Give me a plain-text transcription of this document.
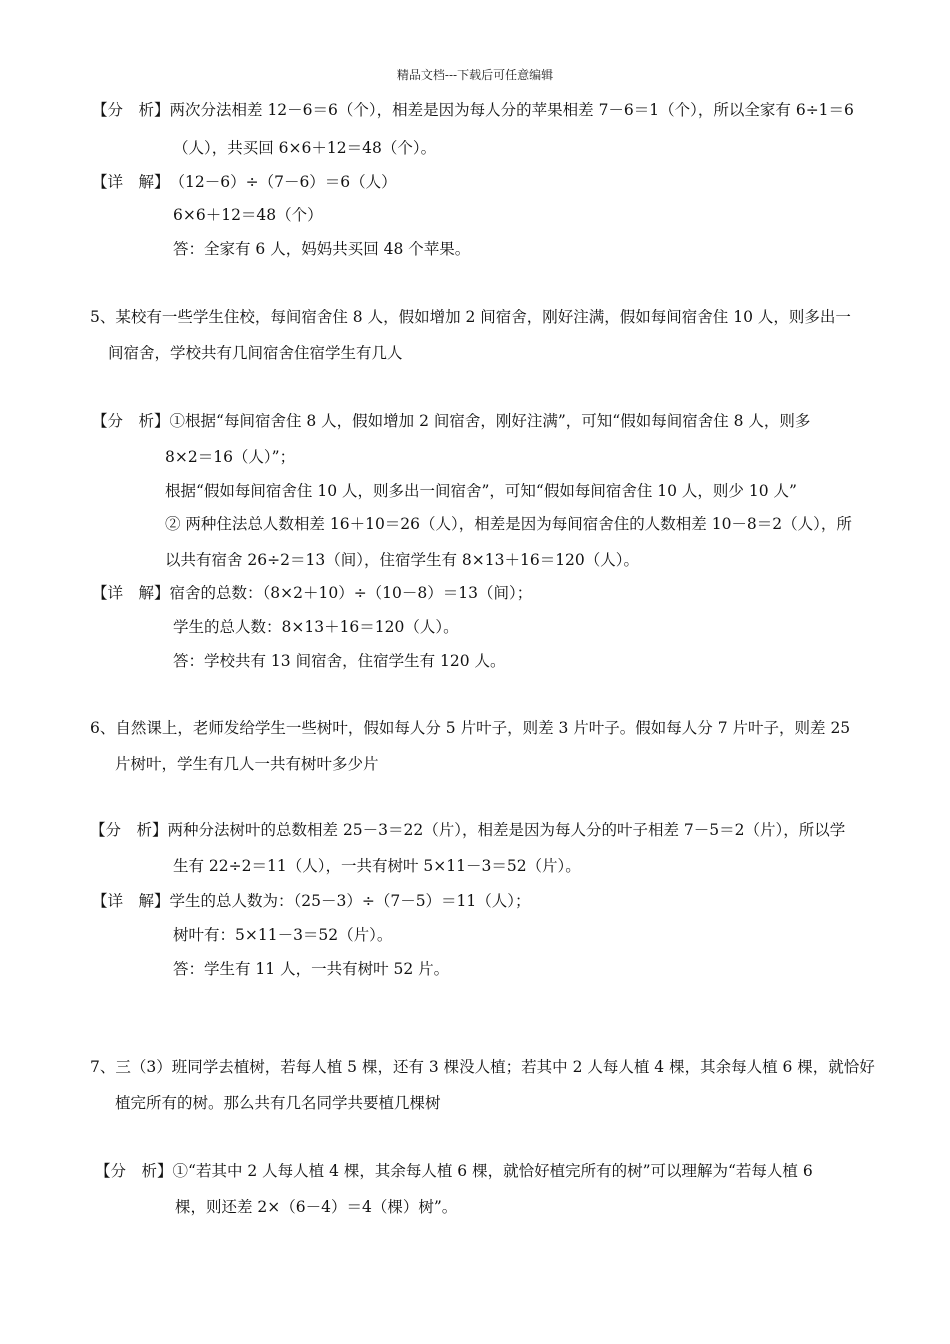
精品文档---下载后可任意编辑
【分　析】两次分法相差 12－6＝6（个），相差是因为每人分的苹果相差 7－6＝1（个），所以全家有 6÷1＝6
（人），共买回 6×6＋12＝48（个）。
【详　解】（12－6）÷（7－6）＝6（人）
6×6＋12＝48（个）
答：全家有 6 人，妈妈共买回 48 个苹果。
5、某校有一些学生住校，每间宿舍住 8 人，假如增加 2 间宿舍，刚好注满，假如每间宿舍住 10 人，则多出一
间宿舍，学校共有几间宿舍住宿学生有几人
【分　析】①根据“每间宿舍住 8 人，假如增加 2 间宿舍，刚好注满”，可知“假如每间宿舍住 8 人，则多
8×2＝16（人）”；
根据“假如每间宿舍住 10 人，则多出一间宿舍”，可知“假如每间宿舍住 10 人，则少 10 人”
② 两种住法总人数相差 16＋10＝26（人），相差是因为每间宿舍住的人数相差 10－8＝2（人），所
以共有宿舍 26÷2＝13（间），住宿学生有 8×13＋16＝120（人）。
【详　解】宿舍的总数：（8×2＋10）÷（10－8）＝13（间）；
学生的总人数：8×13＋16＝120（人）。
答：学校共有 13 间宿舍，住宿学生有 120 人。
6、自然课上，老师发给学生一些树叶，假如每人分 5 片叶子，则差 3 片叶子。假如每人分 7 片叶子，则差 25
片树叶，学生有几人一共有树叶多少片
【分　析】两种分法树叶的总数相差 25－3＝22（片），相差是因为每人分的叶子相差 7－5＝2（片），所以学
生有 22÷2＝11（人），一共有树叶 5×11－3＝52（片）。
【详　解】学生的总人数为：（25－3）÷（7－5）＝11（人）；
树叶有：5×11－3＝52（片）。
答：学生有 11 人，一共有树叶 52 片。
7、三（3）班同学去植树，若每人植 5 棵，还有 3 棵没人植；若其中 2 人每人植 4 棵，其余每人植 6 棵，就恰好
植完所有的树。那么共有几名同学共要植几棵树
【分　析】①“若其中 2 人每人植 4 棵，其余每人植 6 棵，就恰好植完所有的树”可以理解为“若每人植 6
棵，则还差 2×（6－4）＝4（棵）树”。
